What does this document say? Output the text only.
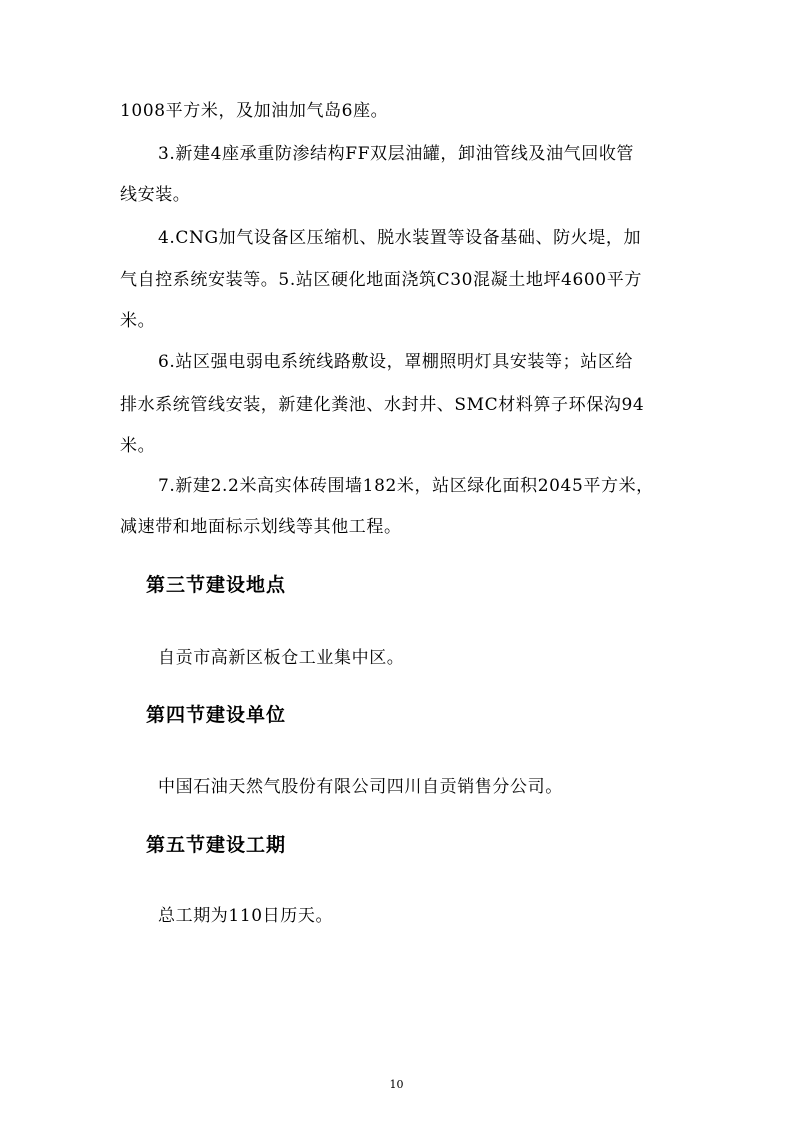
1008平方米，及加油加气岛6座。
3.新建4座承重防渗结构FF双层油罐，卸油管线及油气回收管
线安装。
4.CNG加气设备区压缩机、脱水装置等设备基础、防火堤，加
气自控系统安装等。5.站区硬化地面浇筑C30混凝土地坪4600平方
米。
6.站区强电弱电系统线路敷设，罩棚照明灯具安装等；站区给
排水系统管线安装，新建化粪池、水封井、SMC材料箅子环保沟94
米。
7.新建2.2米高实体砖围墙182米，站区绿化面积2045平方米，
减速带和地面标示划线等其他工程。
第三节建设地点
自贡市高新区板仓工业集中区。
第四节建设单位
中国石油天然气股份有限公司四川自贡销售分公司。
第五节建设工期
总工期为110日历天。
10
